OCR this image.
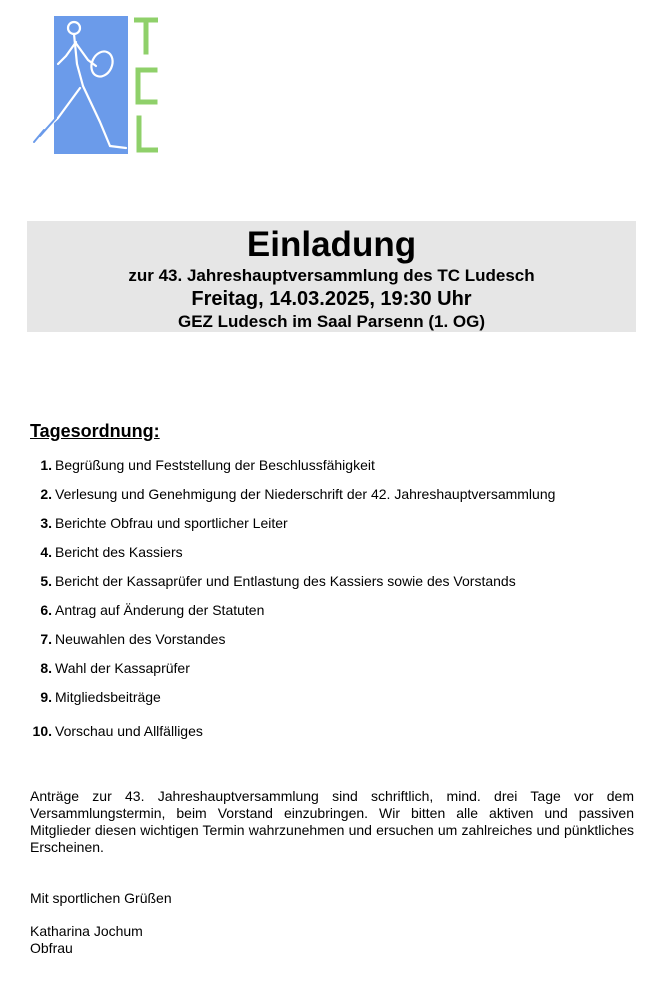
Einladung
zur 43. Jahreshauptversammlung des TC Ludesch
Freitag, 14.03.2025, 19:30 Uhr
GEZ Ludesch im Saal Parsenn (1. OG)
Tagesordnung:
1. Begrüßung und Feststellung der Beschlussfähigkeit
2. Verlesung und Genehmigung der Niederschrift der 42. Jahreshauptversammlung
3. Berichte Obfrau und sportlicher Leiter
4. Bericht des Kassiers
5. Bericht der Kassaprüfer und Entlastung des Kassiers sowie des Vorstands
6. Antrag auf Änderung der Statuten
7. Neuwahlen des Vorstandes
8. Wahl der Kassaprüfer
9. Mitgliedsbeiträge
10. Vorschau und Allfälliges
Anträge zur 43. Jahreshauptversammlung sind schriftlich, mind. drei Tage vor dem Versammlungstermin, beim Vorstand einzubringen. Wir bitten alle aktiven und passiven Mitglieder diesen wichtigen Termin wahrzunehmen und ersuchen um zahlreiches und pünktliches Erscheinen.
Mit sportlichen Grüßen
Katharina Jochum
Obfrau
